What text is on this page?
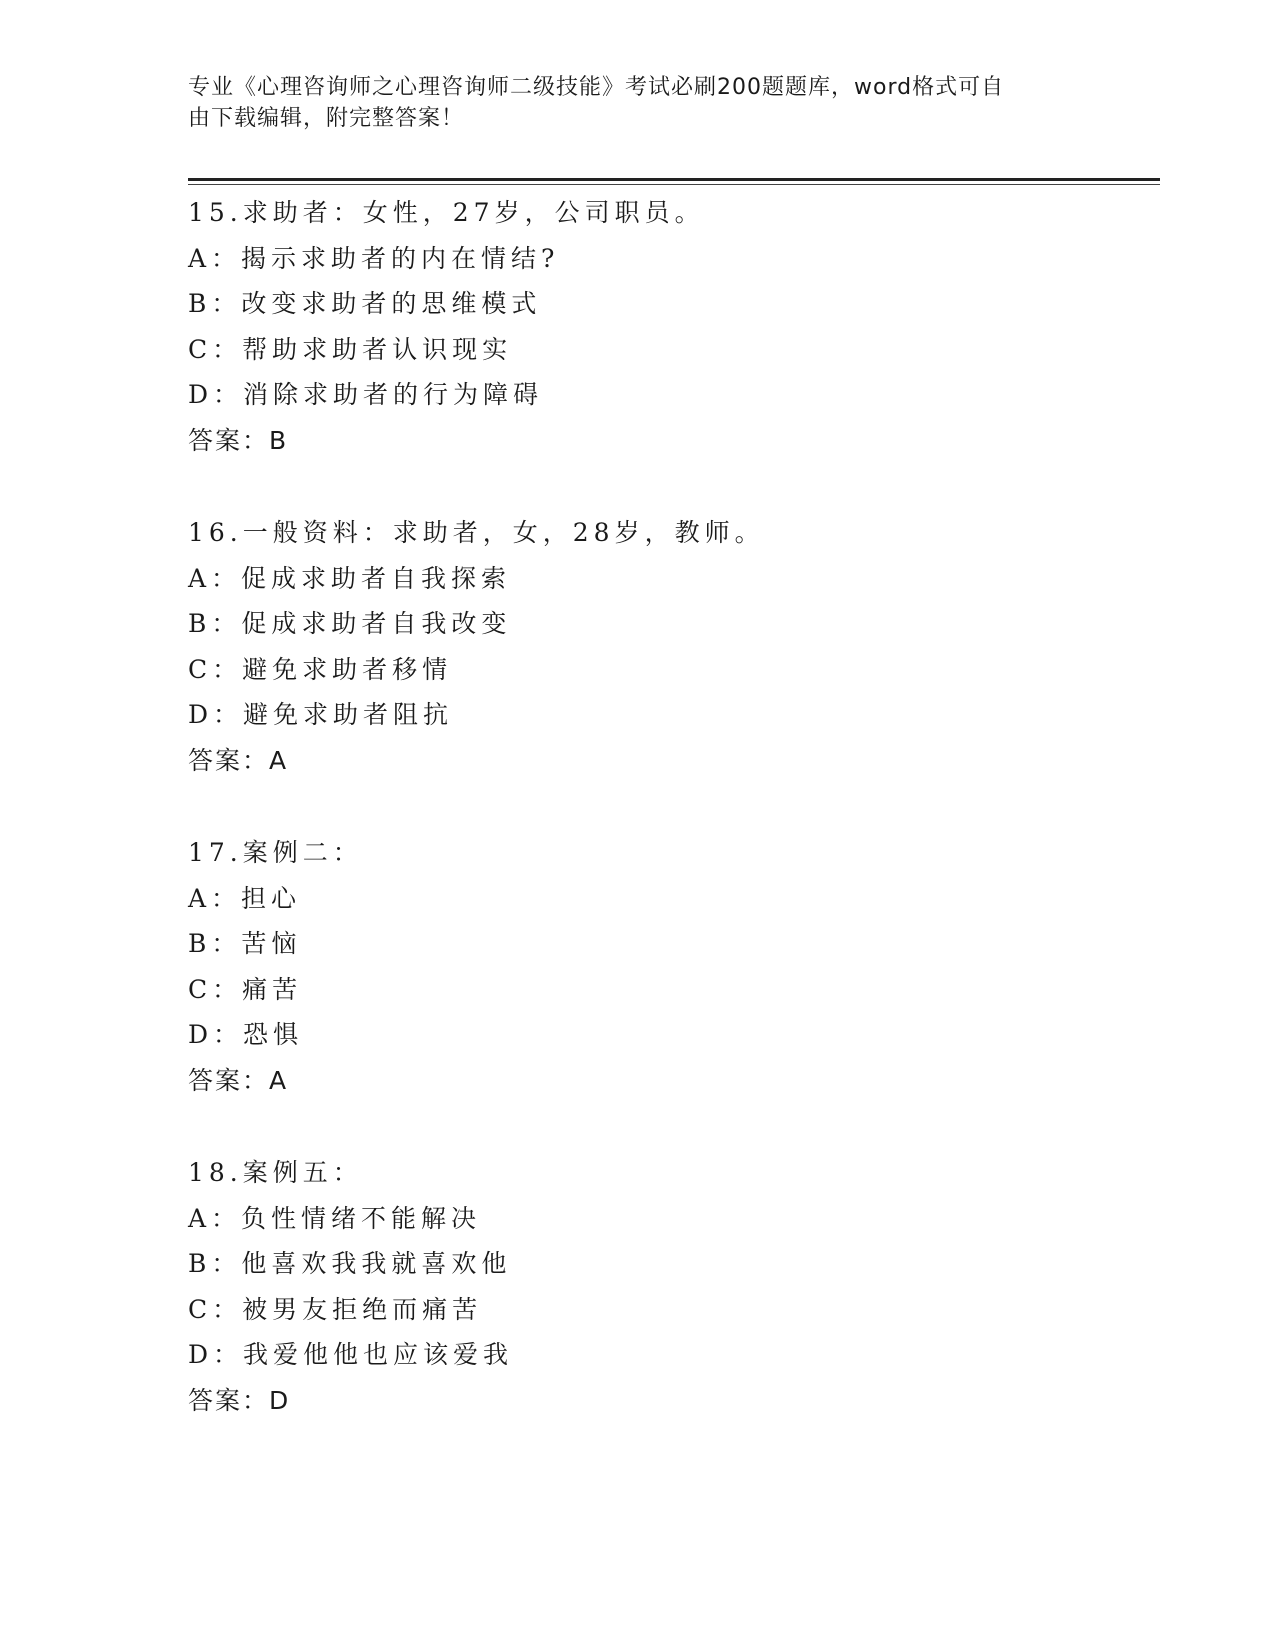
专业《心理咨询师之心理咨询师二级技能》考试必刷200题题库，word格式可自
由下载编辑，附完整答案！
15.求助者：女性，27岁，公司职员。
A：揭示求助者的内在情结?
B：改变求助者的思维模式
C：帮助求助者认识现实
D：消除求助者的行为障碍
答案：B
16.一般资料：求助者，女，28岁，教师。
A：促成求助者自我探索
B：促成求助者自我改变
C：避免求助者移情
D：避免求助者阻抗
答案：A
17.案例二：
A：担心
B：苦恼
C：痛苦
D：恐惧
答案：A
18.案例五：
A：负性情绪不能解决
B：他喜欢我我就喜欢他
C：被男友拒绝而痛苦
D：我爱他他也应该爱我
答案：D
